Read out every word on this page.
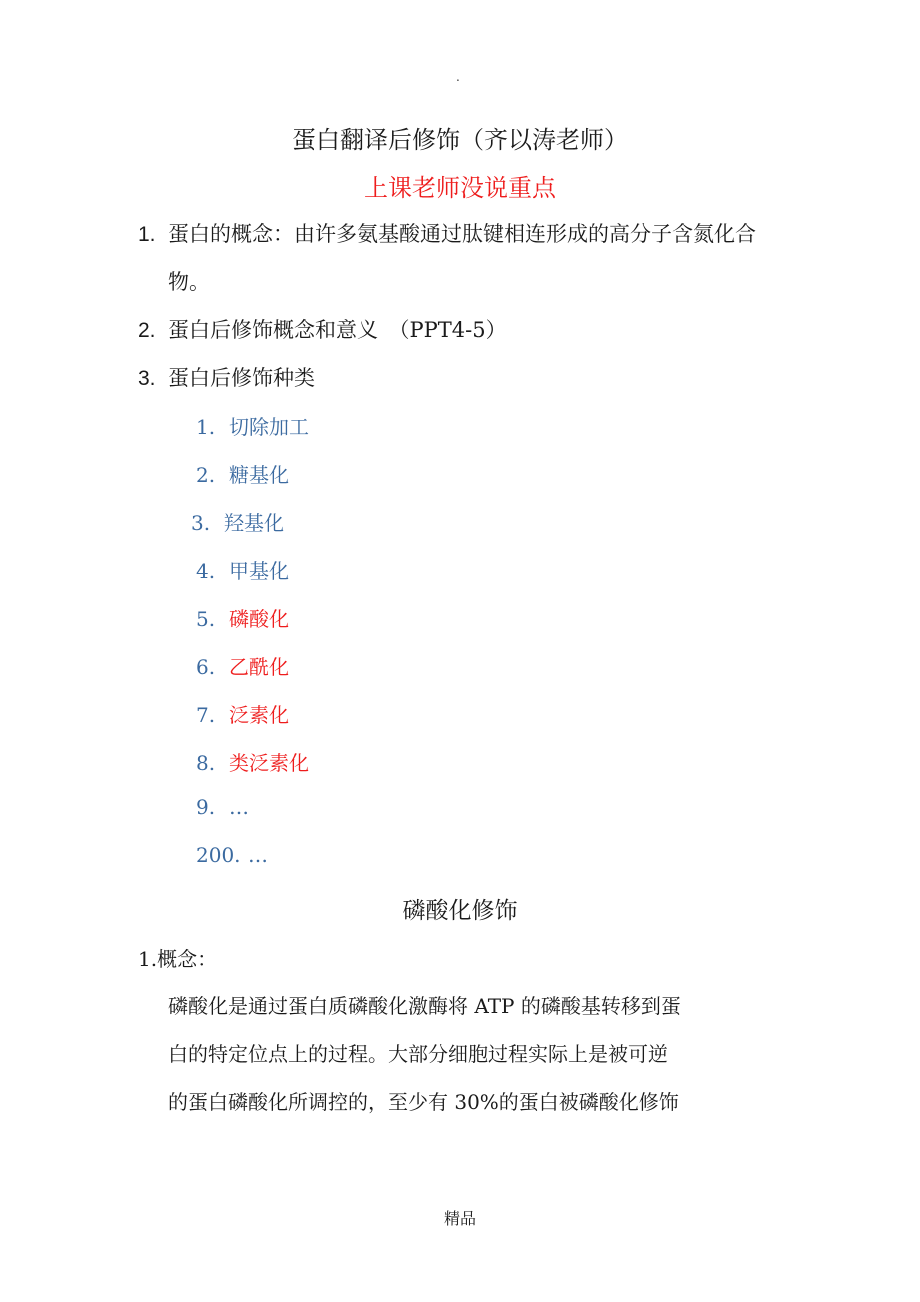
.
蛋白翻译后修饰（齐以涛老师）
上课老师没说重点
1. 蛋白的概念：由许多氨基酸通过肽键相连形成的高分子含氮化合
物。
2. 蛋白后修饰概念和意义　（PPT4-5）
3. 蛋白后修饰种类
1. 切除加工
2. 糖基化
3. 羟基化
4. 甲基化
5. 磷酸化
6. 乙酰化
7. 泛素化
8. 类泛素化
9. …
200. …
磷酸化修饰
1.概念：
磷酸化是通过蛋白质磷酸化激酶将 ATP 的磷酸基转移到蛋
白的特定位点上的过程。大部分细胞过程实际上是被可逆
的蛋白磷酸化所调控的，至少有 30%的蛋白被磷酸化修饰
精品
